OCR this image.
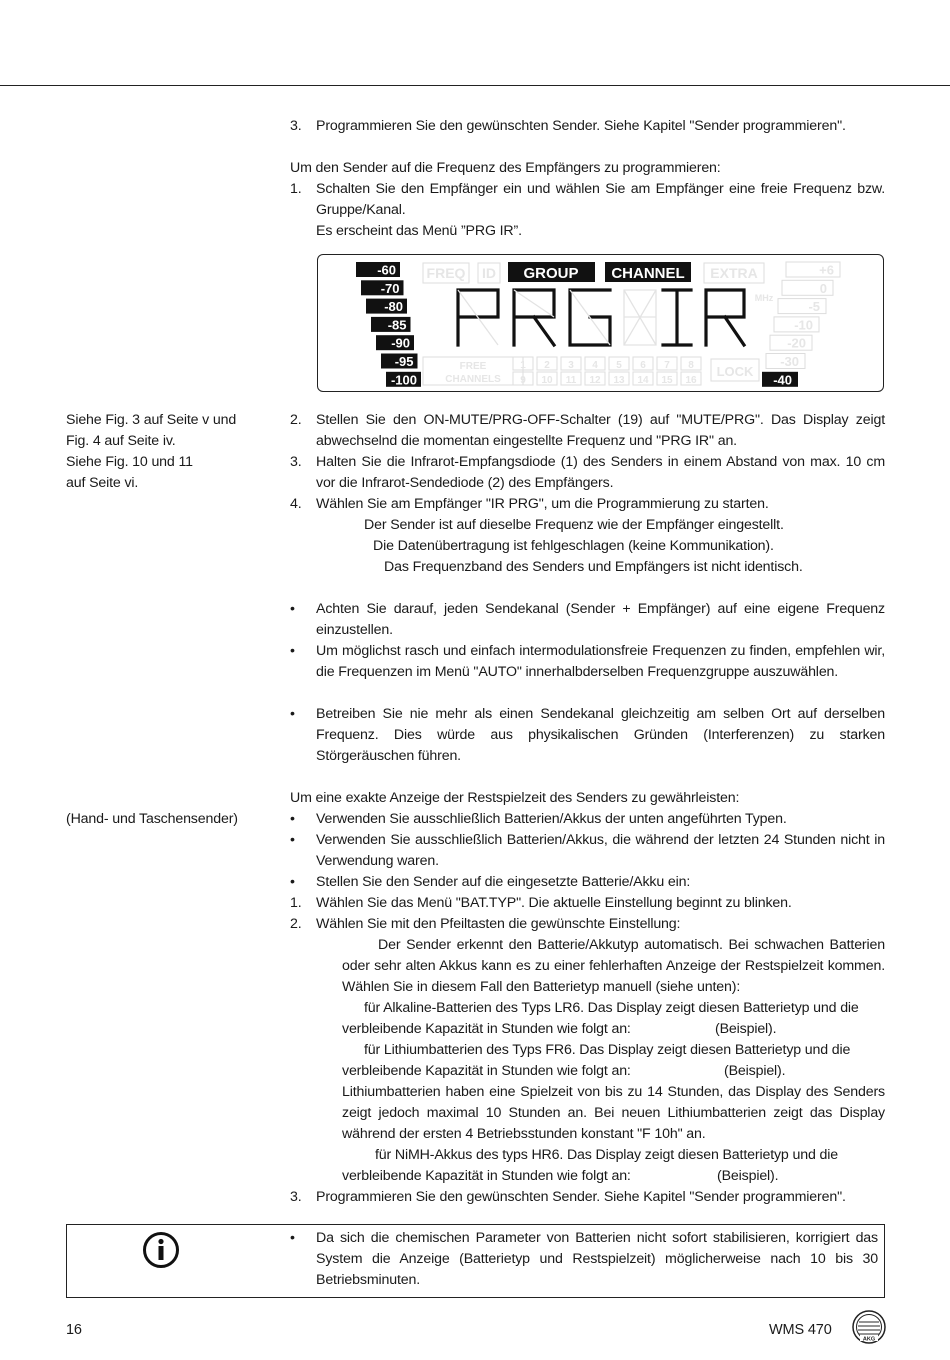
3. Programmieren Sie den gewünschten Sender. Siehe Kapitel "Sender programmieren".
Um den Sender auf die Frequenz des Empfängers zu programmieren:
1. Schalten Sie den Empfänger ein und wählen Sie am Empfänger eine freie Frequenz bzw. Gruppe/Kanal.
Es erscheint das Menü ”PRG IR”.
-60
-70
-80
-85
-90
-95
-100
FREQ ID GROUP CHANNEL EXTRA
MHz
FREE
CHANNELS
1 2 3 4 5 6 7 8
9 10 11 12 13 14 15 16
LOCK
+6
0
-5
-10
-20
-30
-40
Siehe Fig. 3 auf Seite v und
Fig. 4 auf Seite iv.
Siehe Fig. 10 und 11
auf Seite vi.
2. Stellen Sie den ON-MUTE/PRG-OFF-Schalter (19) auf "MUTE/PRG". Das Display zeigt abwechselnd die momentan eingestellte Frequenz und "PRG IR" an.
3. Halten Sie die Infrarot-Empfangsdiode (1) des Senders in einem Abstand von max. 10 cm vor die Infrarot-Sendediode (2) des Empfängers.
4. Wählen Sie am Empfänger "IR PRG", um die Programmierung zu starten.
Der Sender ist auf dieselbe Frequenz wie der Empfänger eingestellt.
Die Datenübertragung ist fehlgeschlagen (keine Kommunikation).
Das Frequenzband des Senders und Empfängers ist nicht identisch.
• Achten Sie darauf, jeden Sendekanal (Sender + Empfänger) auf eine eigene Frequenz einzustellen.
• Um möglichst rasch und einfach intermodulationsfreie Frequenzen zu finden, empfehlen wir, die Frequenzen im Menü "AUTO" innerhalbderselben Frequenzgruppe auszuwählen.
• Betreiben Sie nie mehr als einen Sendekanal gleichzeitig am selben Ort auf derselben Frequenz. Dies würde aus physikalischen Gründen (Interferenzen) zu starken Störgeräuschen führen.
Um eine exakte Anzeige der Restspielzeit des Senders zu gewährleisten:
(Hand- und Taschensender)	• Verwenden Sie ausschließlich Batterien/Akkus der unten angeführten Typen.
• Verwenden Sie ausschließlich Batterien/Akkus, die während der letzten 24 Stunden nicht in Verwendung waren.
• Stellen Sie den Sender auf die eingesetzte Batterie/Akku ein:
1. Wählen Sie das Menü "BAT.TYP". Die aktuelle Einstellung beginnt zu blinken.
2. Wählen Sie mit den Pfeiltasten die gewünschte Einstellung:
Der Sender erkennt den Batterie/Akkutyp automatisch. Bei schwachen Batterien oder sehr alten Akkus kann es zu einer fehlerhaften Anzeige der Restspielzeit kommen. Wählen Sie in diesem Fall den Batterietyp manuell (siehe unten):
für Alkaline-Batterien des Typs LR6. Das Display zeigt diesen Batterietyp und die
verbleibende Kapazität in Stunden wie folgt an:	(Beispiel).
für Lithiumbatterien des Typs FR6. Das Display zeigt diesen Batterietyp und die
verbleibende Kapazität in Stunden wie folgt an:	(Beispiel).
Lithiumbatterien haben eine Spielzeit von bis zu 14 Stunden, das Display des Senders zeigt jedoch maximal 10 Stunden an. Bei neuen Lithiumbatterien zeigt das Display während der ersten 4 Betriebsstunden konstant "F 10h" an.
für NiMH-Akkus des typs HR6. Das Display zeigt diesen Batterietyp und die
verbleibende Kapazität in Stunden wie folgt an:	(Beispiel).
3. Programmieren Sie den gewünschten Sender. Siehe Kapitel "Sender programmieren".
• Da sich die chemischen Parameter von Batterien nicht sofort stabilisieren, korrigiert das System die Anzeige (Batterietyp und Restspielzeit) möglicherweise nach 10 bis 30 Betriebsminuten.
16	WMS 470
AKG
